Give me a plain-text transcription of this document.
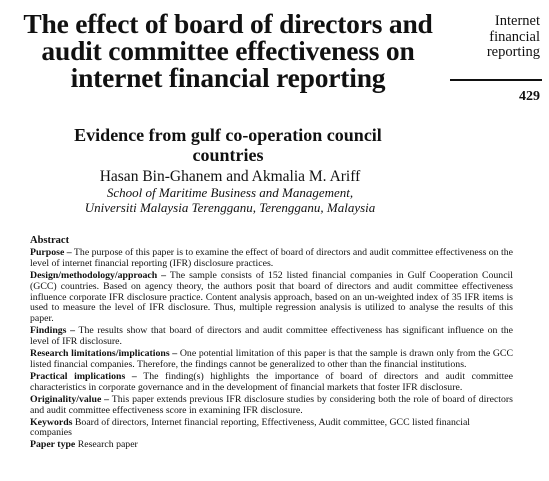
The effect of board of directors and audit committee effectiveness on internet financial reporting
Evidence from gulf co-operation council countries
Hasan Bin-Ghanem and Akmalia M. Ariff
School of Maritime Business and Management,
Universiti Malaysia Terengganu, Terengganu, Malaysia
Internet
financial
reporting
429

Abstract

Purpose – The purpose of this paper is to examine the effect of board of directors and audit committee effectiveness on the level of internet financial reporting (IFR) disclosure practices.

Design/methodology/approach – The sample consists of 152 listed financial companies in Gulf Cooperation Council (GCC) countries. Based on agency theory, the authors posit that board of directors and audit committee effectiveness influence corporate IFR disclosure practice. Content analysis approach, based on an un-weighted index of 35 IFR items is used to measure the level of IFR disclosure. Thus, multiple regression analysis is utilized to analyse the results of this paper.

Findings – The results show that board of directors and audit committee effectiveness has significant influence on the level of IFR disclosure.

Research limitations/implications – One potential limitation of this paper is that the sample is drawn only from the GCC listed financial companies. Therefore, the findings cannot be generalized to other than the financial institutions.

Practical implications – The finding(s) highlights the importance of board of directors and audit committee characteristics in corporate governance and in the development of financial markets that foster IFR disclosure.

Originality/value – This paper extends previous IFR disclosure studies by considering both the role of board of directors and audit committee effectiveness score in examining IFR disclosure.

Keywords Board of directors, Internet financial reporting, Effectiveness, Audit committee, GCC listed financial companies

Paper type Research paper
